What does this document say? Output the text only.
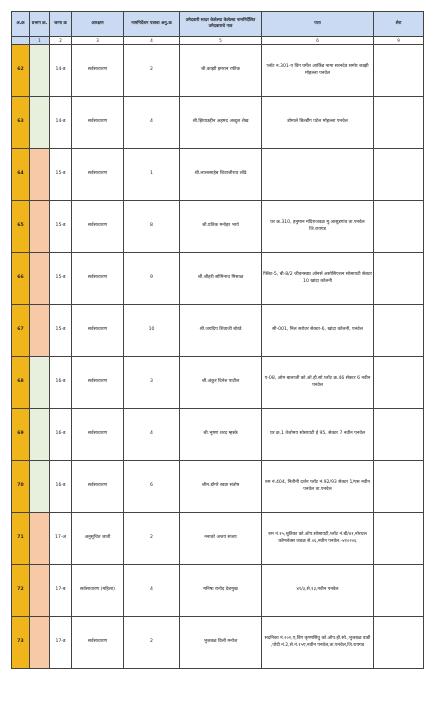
अ.क्र	प्रभाग क्र.	जागा क्र	आरक्षण	नामनिर्देशन पत्राचा अनु.क्र	उमेदवारी सादर केलेल्या केलेल्या नामनिर्देशित उमेदवाराचे नाव	पत्ता	शेरा
	1	2	3	4	5	6	9
62		14-ड	सर्वसाधारण	2	श्री.काझी इमरान रफीक	प्लॉट न.301-ए विंग घर्मेश आर्किड नामा सरनदेव समोर काझी मोहल्ला पनवेल	
63		14-ड	सर्वसाधारण	4	श्री.झियाउद्दीन अहमद अब्दुल शेख	डोमाले बिल्डींग पटेल मोहल्ला पनवेल	
64		15-ड	सर्वसाधारण	1	श्री.लालासाहेब शिवाजीराव लोंढे		
65		15-ड	सर्वसाधारण	8	श्री.प्रतिक मनोहर भाये	घर क्र.310, हनुमान मंदिराजवळ मु.आसुडगांव ता.पनवेल जि.रायगड	
66		15-ड	सर्वसाधारण	9	श्री.श्रीहरी सोमिनाथ मिसाळ	फ्लिट-5, बी-8/2 जीवनस्वप्न ओनर्स असोसिएशन सोसायटी सेक्टर 10 खांदा कॉलनी	
67		15-ड	सर्वसाधारण	10	श्री.जयदिप शिवाजी बोरडे	सी-001, निल सरोवर सेक्टर-6, खांदा कॉलनी, पनवेल	
68		16-ड	सर्वसाधारण	3	श्री.अंकुर दिनेश पाटील	ए-08, ओम बालाजी को.ऑ.हौ.सो.प्लॉट क्र.46 सेक्टर 6 नवीन पनवेल	
69		16-ड	सर्वसाधारण	4	श्री.भूषण शरद म्हस्के	घर क्र.1 तेजोमय सोसायटी ई 95, सेक्टर 7 नवीन पनवेल	
70		16-ड	सर्वसाधारण	6	श्रीम.डोंगरे स्वप्ना संतोष	रुम नं.404, नितीनी दर्शन प्लॉट नं.92/93 सेक्टर 1/एस नवीन पनवेल ता.पनवेल	
71		17-अ	अनुसूचित जाती	2	ननावरे अजय संजय	रुम नं.१५,श्रुतिका को.ऑप.सोसायटी,प्लॉट नं.बी/४१,नोरथल कॉम्प्लेक्स जवळ से.०६,नवीन पनवेल.-४१०२०६	
72		17-ब	सर्वसाधारण (महिला)	4	मनिषा रानोद देशमुख	४९/३,से.१३,नवीन पनवेल	
73		17-ड	सर्वसाधारण	2	भुजबळ विली मनोज	सदनिका नं.२०१,ए,विंग कृष्णसिंधु को.ऑप.हौ.सो.,भुजबळ वाडी ,पोदी नं.2,से.नं.१५ए,नवीन पनवेल,ता.पनवेल,जि.रायगड	
